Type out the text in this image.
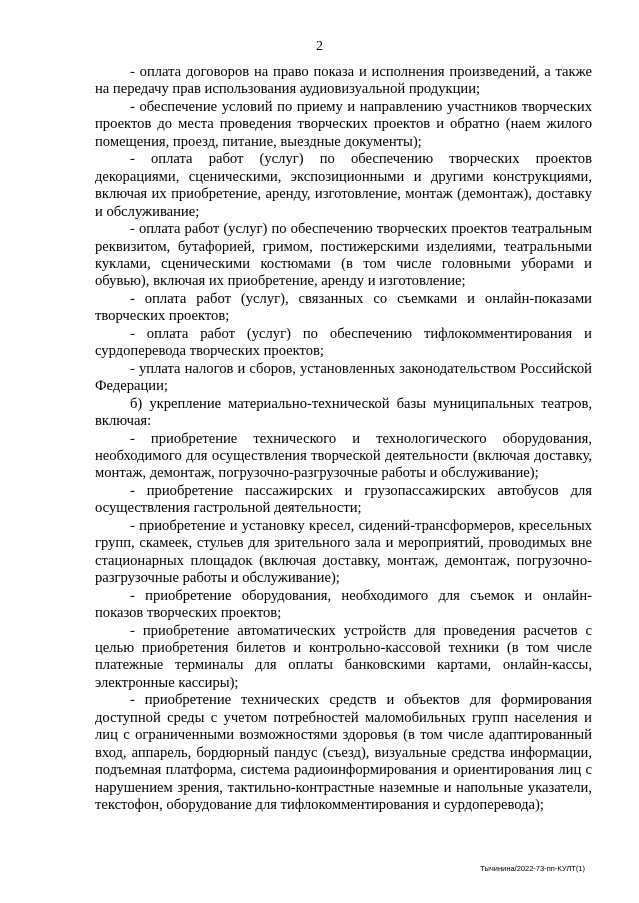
2

- оплата договоров на право показа и исполнения произведений, а также на передачу прав использования аудиовизуальной продукции;

- обеспечение условий по приему и направлению участников творческих проектов до места проведения творческих проектов и обратно (наем жилого помещения, проезд, питание, выездные документы);

- оплата работ (услуг) по обеспечению творческих проектов декорациями, сценическими, экспозиционными и другими конструкциями, включая их приобретение, аренду, изготовление, монтаж (демонтаж), доставку и обслуживание;

- оплата работ (услуг) по обеспечению творческих проектов театральным реквизитом, бутафорией, гримом, постижерскими изделиями, театральными куклами, сценическими костюмами (в том числе головными уборами и обувью), включая их приобретение, аренду и изготовление;

- оплата работ (услуг), связанных со съемками и онлайн-показами творческих проектов;

- оплата работ (услуг) по обеспечению тифлокомментирования и сурдоперевода творческих проектов;

- уплата налогов и сборов, установленных законодательством Российской Федерации;

б) укрепление материально-технической базы муниципальных театров, включая:

- приобретение технического и технологического оборудования, необходимого для осуществления творческой деятельности (включая доставку, монтаж, демонтаж, погрузочно-разгрузочные работы и обслуживание);

- приобретение пассажирских и грузопассажирских автобусов для осуществления гастрольной деятельности;

- приобретение и установку кресел, сидений-трансформеров, кресельных групп, скамеек, стульев для зрительного зала и мероприятий, проводимых вне стационарных площадок (включая доставку, монтаж, демонтаж, погрузочно-разгрузочные работы и обслуживание);

- приобретение оборудования, необходимого для съемок и онлайн-показов творческих проектов;

- приобретение автоматических устройств для проведения расчетов с целью приобретения билетов и контрольно-кассовой техники (в том числе платежные терминалы для оплаты банковскими картами, онлайн-кассы, электронные кассиры);

- приобретение технических средств и объектов для формирования доступной среды с учетом потребностей маломобильных групп населения и лиц с ограниченными возможностями здоровья (в том числе адаптированный вход, аппарель, бордюрный пандус (съезд), визуальные средства информации, подъемная платформа, система радиоинформирования и ориентирования лиц с нарушением зрения, тактильно-контрастные наземные и напольные указатели, текстофон, оборудование для тифлокомментирования и сурдоперевода);

Тычинина/2022-73-пп-КУЛТ(1)
